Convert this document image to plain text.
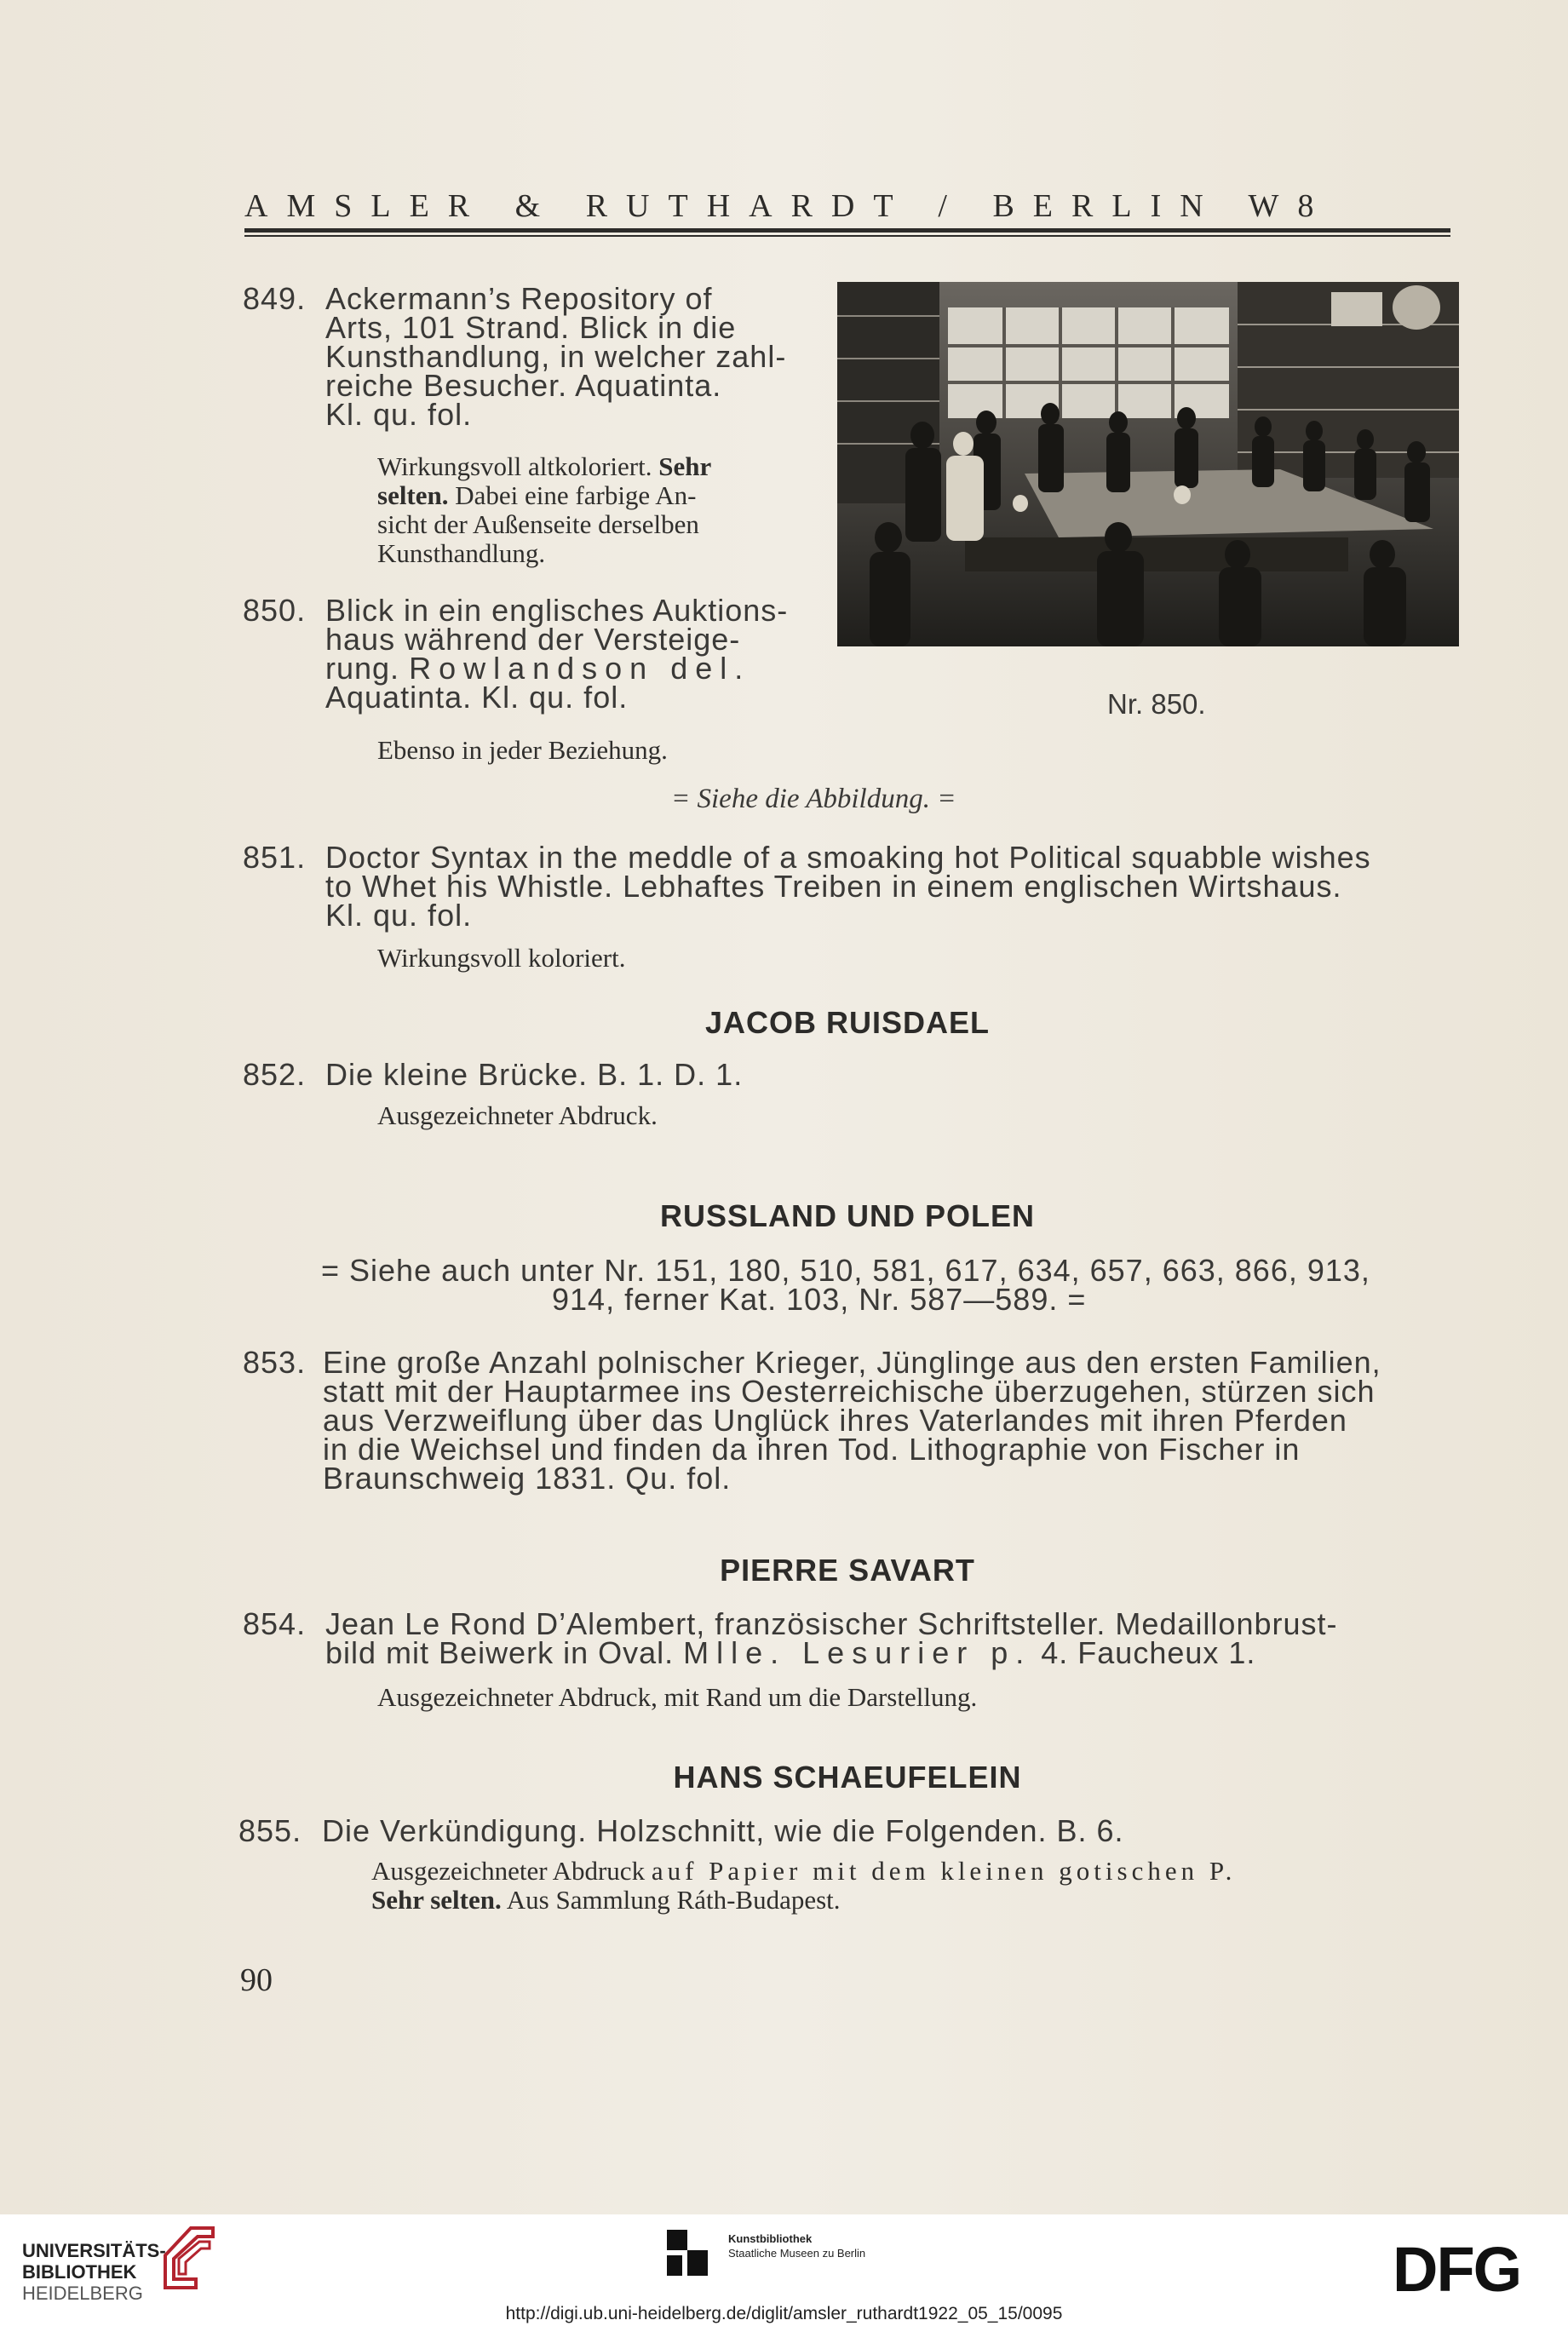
AMSLER & RUTHARDT / BERLIN W8
849. Ackermann’s Repository of
Arts, 101 Strand. Blick in die
Kunsthandlung, in welcher zahl-
reiche Besucher. Aquatinta.
Kl. qu. fol.
Wirkungsvoll altkoloriert. Sehr
selten. Dabei eine farbige An-
sicht der Außenseite derselben
Kunsthandlung.
850. Blick in ein englisches Auktions-
haus während der Versteige-
rung. Rowlandson del.
Aquatinta. Kl. qu. fol.
Ebenso in jeder Beziehung.
= Siehe die Abbildung. =
Nr. 850.
851. Doctor Syntax in the meddle of a smoaking hot Political squabble wishes
to Whet his Whistle. Lebhaftes Treiben in einem englischen Wirtshaus.
Kl. qu. fol.
Wirkungsvoll koloriert.
JACOB RUISDAEL
852. Die kleine Brücke. B. 1. D. 1.
Ausgezeichneter Abdruck.
RUSSLAND UND POLEN
= Siehe auch unter Nr. 151, 180, 510, 581, 617, 634, 657, 663, 866, 913,
914, ferner Kat. 103, Nr. 587—589. =
853. Eine große Anzahl polnischer Krieger, Jünglinge aus den ersten Familien,
statt mit der Hauptarmee ins Oesterreichische überzugehen, stürzen sich
aus Verzweiflung über das Unglück ihres Vaterlandes mit ihren Pferden
in die Weichsel und finden da ihren Tod. Lithographie von Fischer in
Braunschweig 1831. Qu. fol.
PIERRE SAVART
854. Jean Le Rond D’Alembert, französischer Schriftsteller. Medaillonbrust-
bild mit Beiwerk in Oval. Mlle. Lesurier p. 4. Faucheux 1.
Ausgezeichneter Abdruck, mit Rand um die Darstellung.
HANS SCHAEUFELEIN
855. Die Verkündigung. Holzschnitt, wie die Folgenden. B. 6.
Ausgezeichneter Abdruck auf Papier mit dem kleinen gotischen P.
Sehr selten. Aus Sammlung Ráth-Budapest.
90
UNIVERSITÄTS-
BIBLIOTHEK
HEIDELBERG
Kunstbibliothek
Staatliche Museen zu Berlin	DFG
http://digi.ub.uni-heidelberg.de/diglit/amsler_ruthardt1922_05_15/0095
